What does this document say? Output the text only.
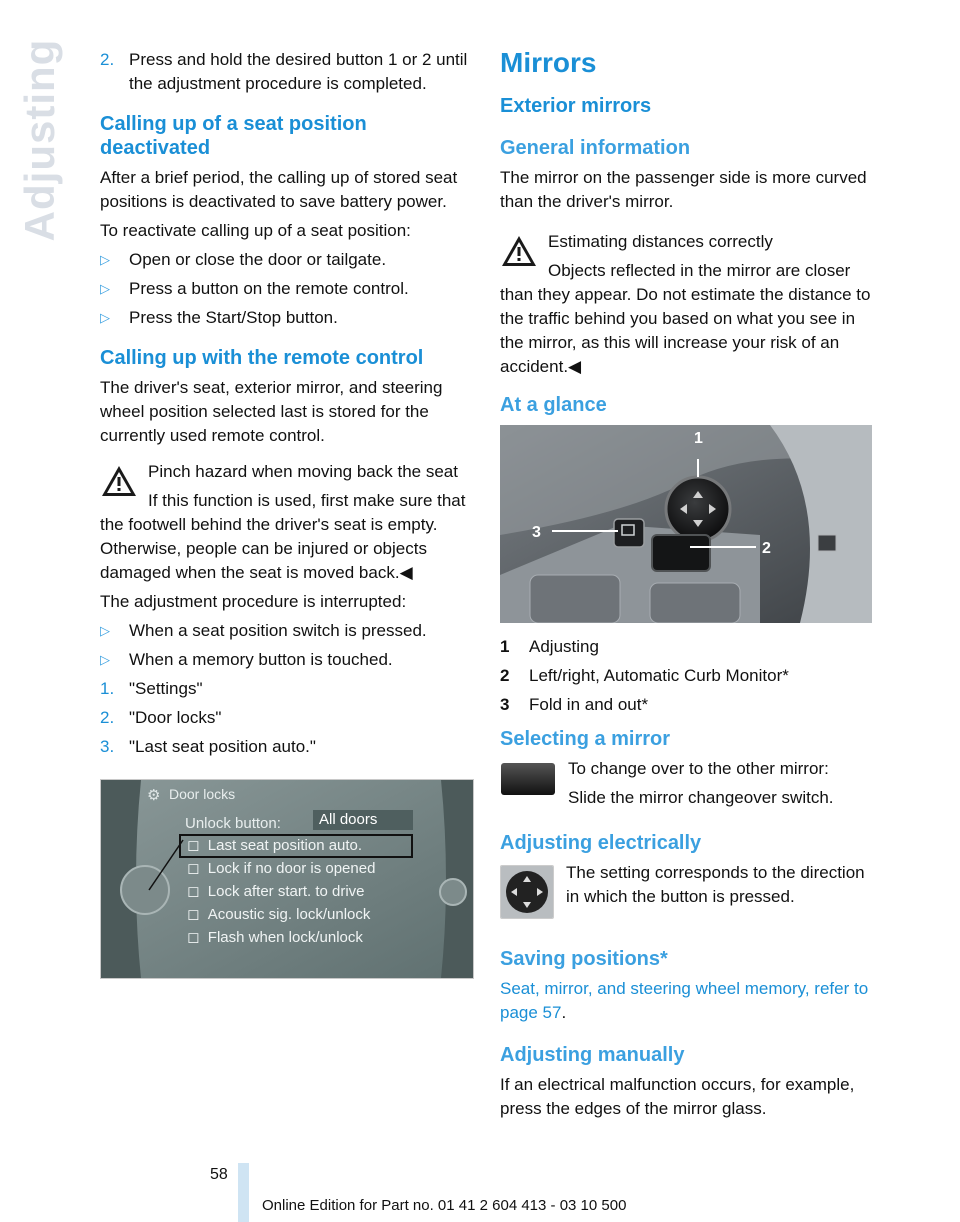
Adjusting 2. Press and hold the desired button 1 or 2 until the adjustment procedure is completed.
Calling up of a seat position deactivated

After a brief period, the calling up of stored seat positions is deactivated to save battery power.

To reactivate calling up of a seat position:

▷	Open or close the door or tailgate.
▷	Press a button on the remote control.
▷	Press the Start/Stop button.
Calling up with the remote control

The driver's seat, exterior mirror, and steering wheel position selected last is stored for the currently used remote control.

Pinch hazard when moving back the seat

If this function is used, first make sure that the footwell behind the driver's seat is empty. Otherwise, people can be injured or objects damaged when the seat is moved back.◀

The adjustment procedure is interrupted:

▷	When a seat position switch is pressed.
▷	When a memory button is touched.
1. "Settings"
2. "Door locks"
3. "Last seat position auto."
⚙ Door locks
Unlock button:	All doors
◻ Last seat position auto.
◻ Lock if no door is opened
◻ Lock after start. to drive
◻ Acoustic sig. lock/unlock
◻ Flash when lock/unlock
Mirrors
Exterior mirrors
General information

The mirror on the passenger side is more curved than the driver's mirror.

Estimating distances correctly

Objects reflected in the mirror are closer than they appear. Do not estimate the distance to the traffic behind you based on what you see in the mirror, as this will increase your risk of an accident.◀

At a glance
1
2
3
1	Adjusting
2	Left/right, Automatic Curb Monitor*
3	Fold in and out*
Selecting a mirror

To change over to the other mirror:

Slide the mirror changeover switch.

Adjusting electrically

The setting corresponds to the direction in which the button is pressed.

Saving positions*

Seat, mirror, and steering wheel memory, refer to page 57.

Adjusting manually

If an electrical malfunction occurs, for example, press the edges of the mirror glass.

58
Online Edition for Part no. 01 41 2 604 413 - 03 10 500
